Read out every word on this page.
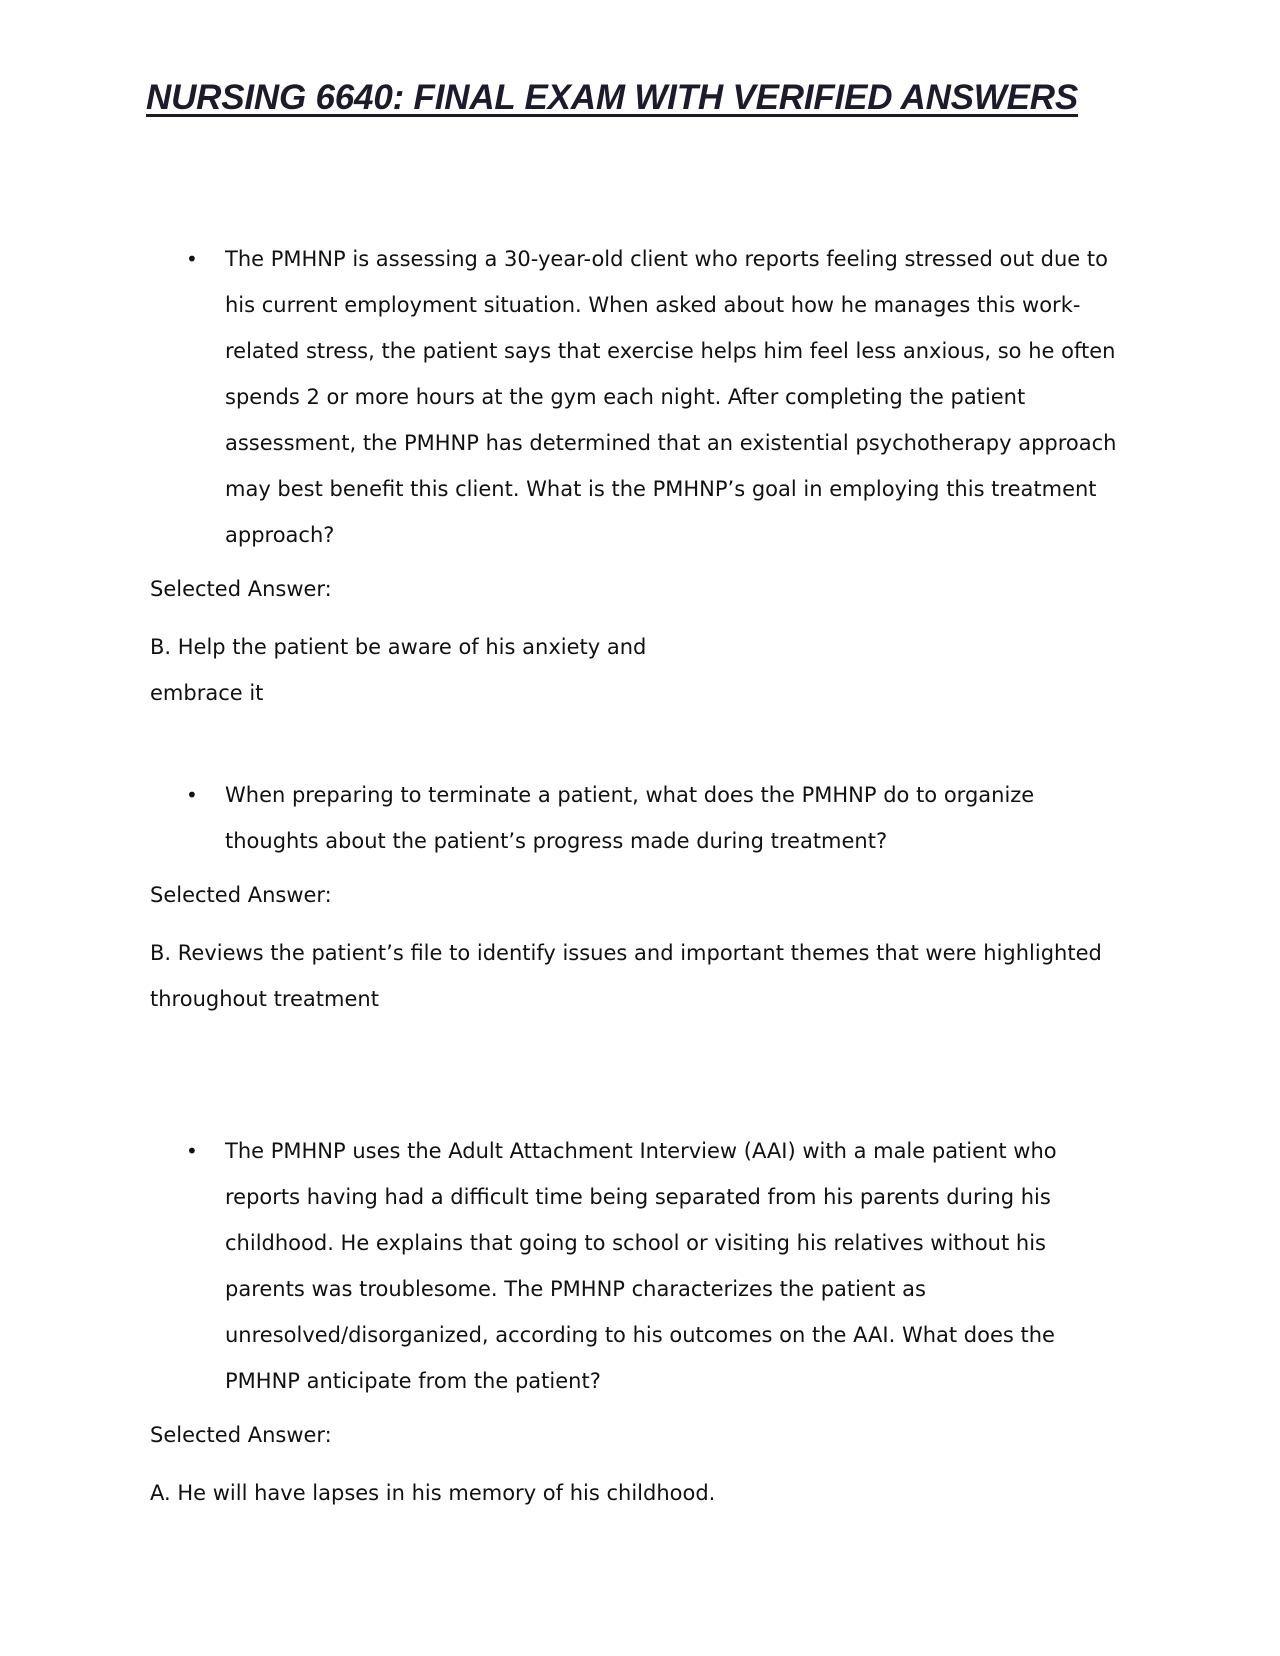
NURSING 6640: FINAL EXAM WITH VERIFIED ANSWERS

• The PMHNP is assessing a 30-year-old client who reports feeling stressed out due to his current employment situation. When asked about how he manages this work-related stress, the patient says that exercise helps him feel less anxious, so he often spends 2 or more hours at the gym each night. After completing the patient assessment, the PMHNP has determined that an existential psychotherapy approach may best benefit this client. What is the PMHNP’s goal in employing this treatment approach?

Selected Answer:

B. Help the patient be aware of his anxiety and embrace it

• When preparing to terminate a patient, what does the PMHNP do to organize thoughts about the patient’s progress made during treatment?

Selected Answer:

B. Reviews the patient’s file to identify issues and important themes that were highlighted throughout treatment

• The PMHNP uses the Adult Attachment Interview (AAI) with a male patient who reports having had a difficult time being separated from his parents during his childhood. He explains that going to school or visiting his relatives without his parents was troublesome. The PMHNP characterizes the patient as unresolved/disorganized, according to his outcomes on the AAI. What does the PMHNP anticipate from the patient?

Selected Answer:

A. He will have lapses in his memory of his childhood.
